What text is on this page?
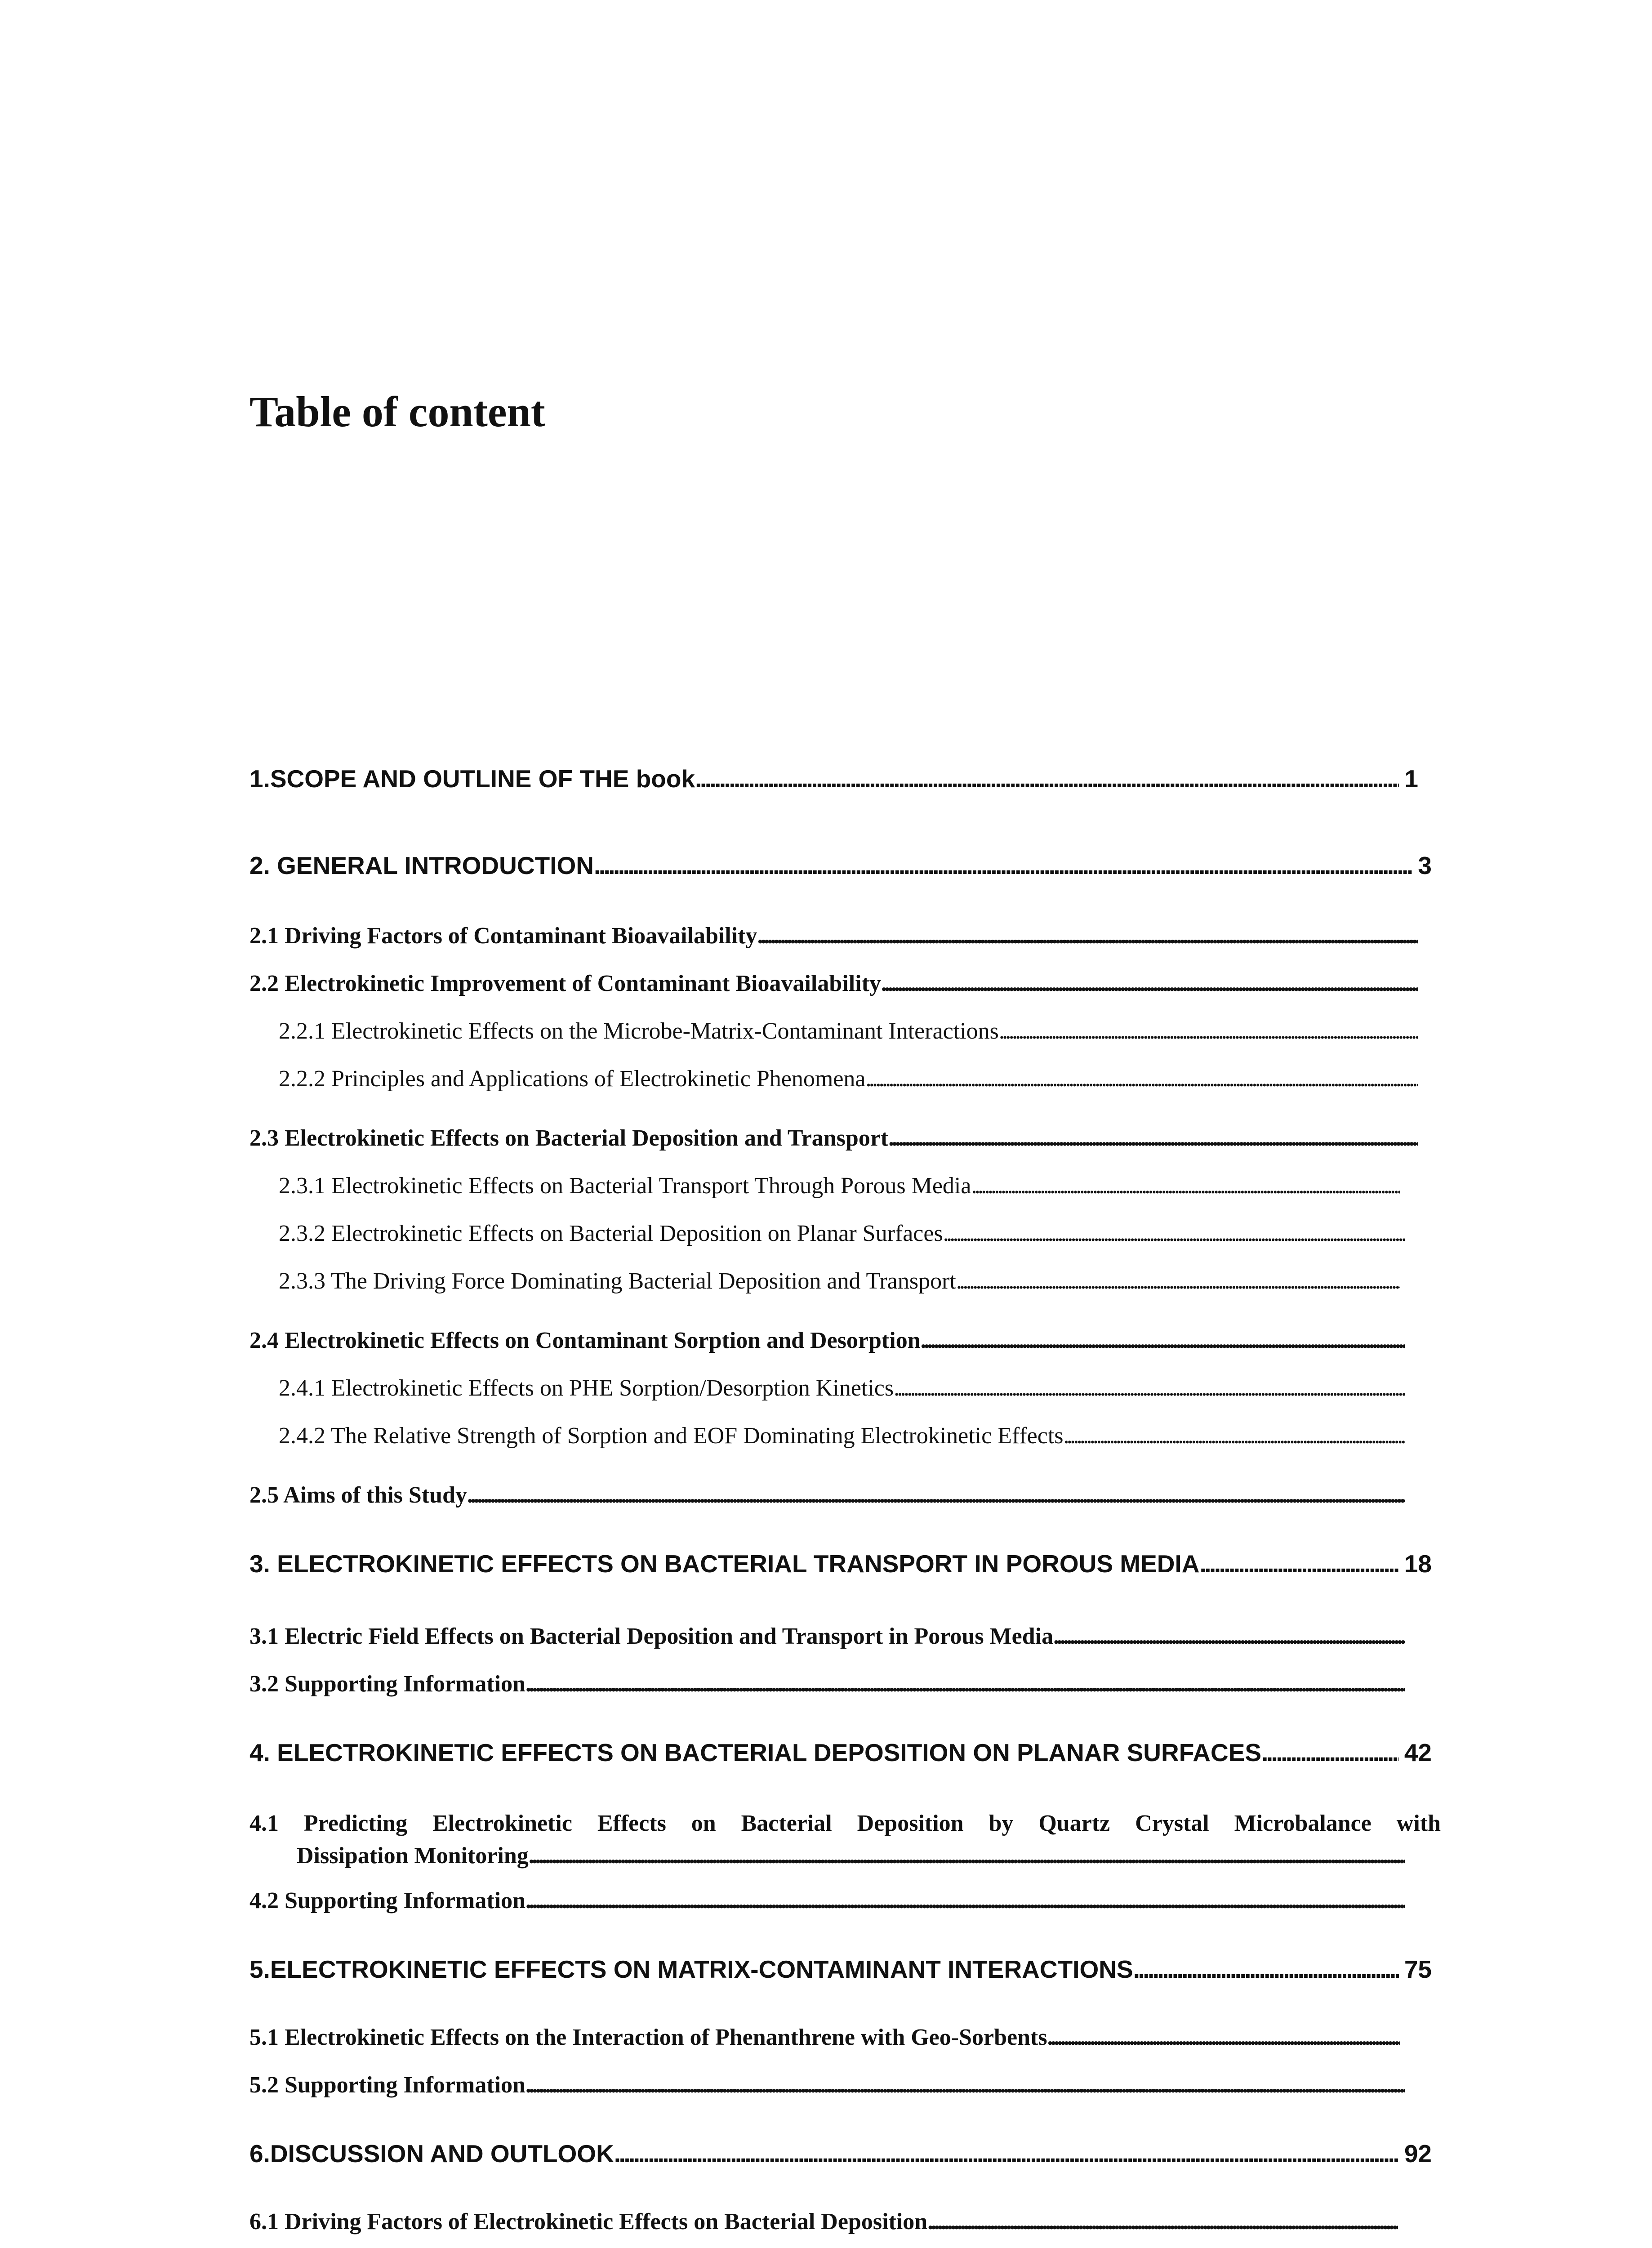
Table of content
1.SCOPE AND OUTLINE OF THE book . . .	1
2. GENERAL INTRODUCTION . . .	3
2.1 Driving Factors of Contaminant Bioavailability
. . .
2.2 Electrokinetic Improvement of Contaminant Bioavailability
. . .
2.2.1 Electrokinetic Effects on the Microbe-Matrix-Contaminant Interactions
. . .
2.2.2 Principles and Applications of Electrokinetic Phenomena
. . .
2.3 Electrokinetic Effects on Bacterial Deposition and Transport
. . .
2.3.1 Electrokinetic Effects on Bacterial Transport Through Porous Media
. . .
2.3.2 Electrokinetic Effects on Bacterial Deposition on Planar Surfaces
. . .
2.3.3 The Driving Force Dominating Bacterial Deposition and Transport
. . .
2.4 Electrokinetic Effects on Contaminant Sorption and Desorption
. . .
2.4.1 Electrokinetic Effects on PHE Sorption/Desorption Kinetics
. . .
2.4.2 The Relative Strength of Sorption and EOF Dominating Electrokinetic Effects
. . .
2.5 Aims of this Study
. . .
3. ELECTROKINETIC EFFECTS ON BACTERIAL TRANSPORT IN POROUS MEDIA . . .	18
3.1 Electric Field Effects on Bacterial Deposition and Transport in Porous Media
. . .
3.2 Supporting Information
. . .
4. ELECTROKINETIC EFFECTS ON BACTERIAL DEPOSITION ON PLANAR SURFACES . . .	42
4.1 Predicting Electrokinetic Effects on Bacterial Deposition by Quartz Crystal Microbalance with
Dissipation Monitoring
. . .
4.2 Supporting Information
. . .
5.ELECTROKINETIC EFFECTS ON MATRIX-CONTAMINANT INTERACTIONS . . .	75
5.1 Electrokinetic Effects on the Interaction of Phenanthrene with Geo-Sorbents
. . .
5.2 Supporting Information
. . .
6.DISCUSSION AND OUTLOOK . . .	92
6.1 Driving Factors of Electrokinetic Effects on Bacterial Deposition
. . .
